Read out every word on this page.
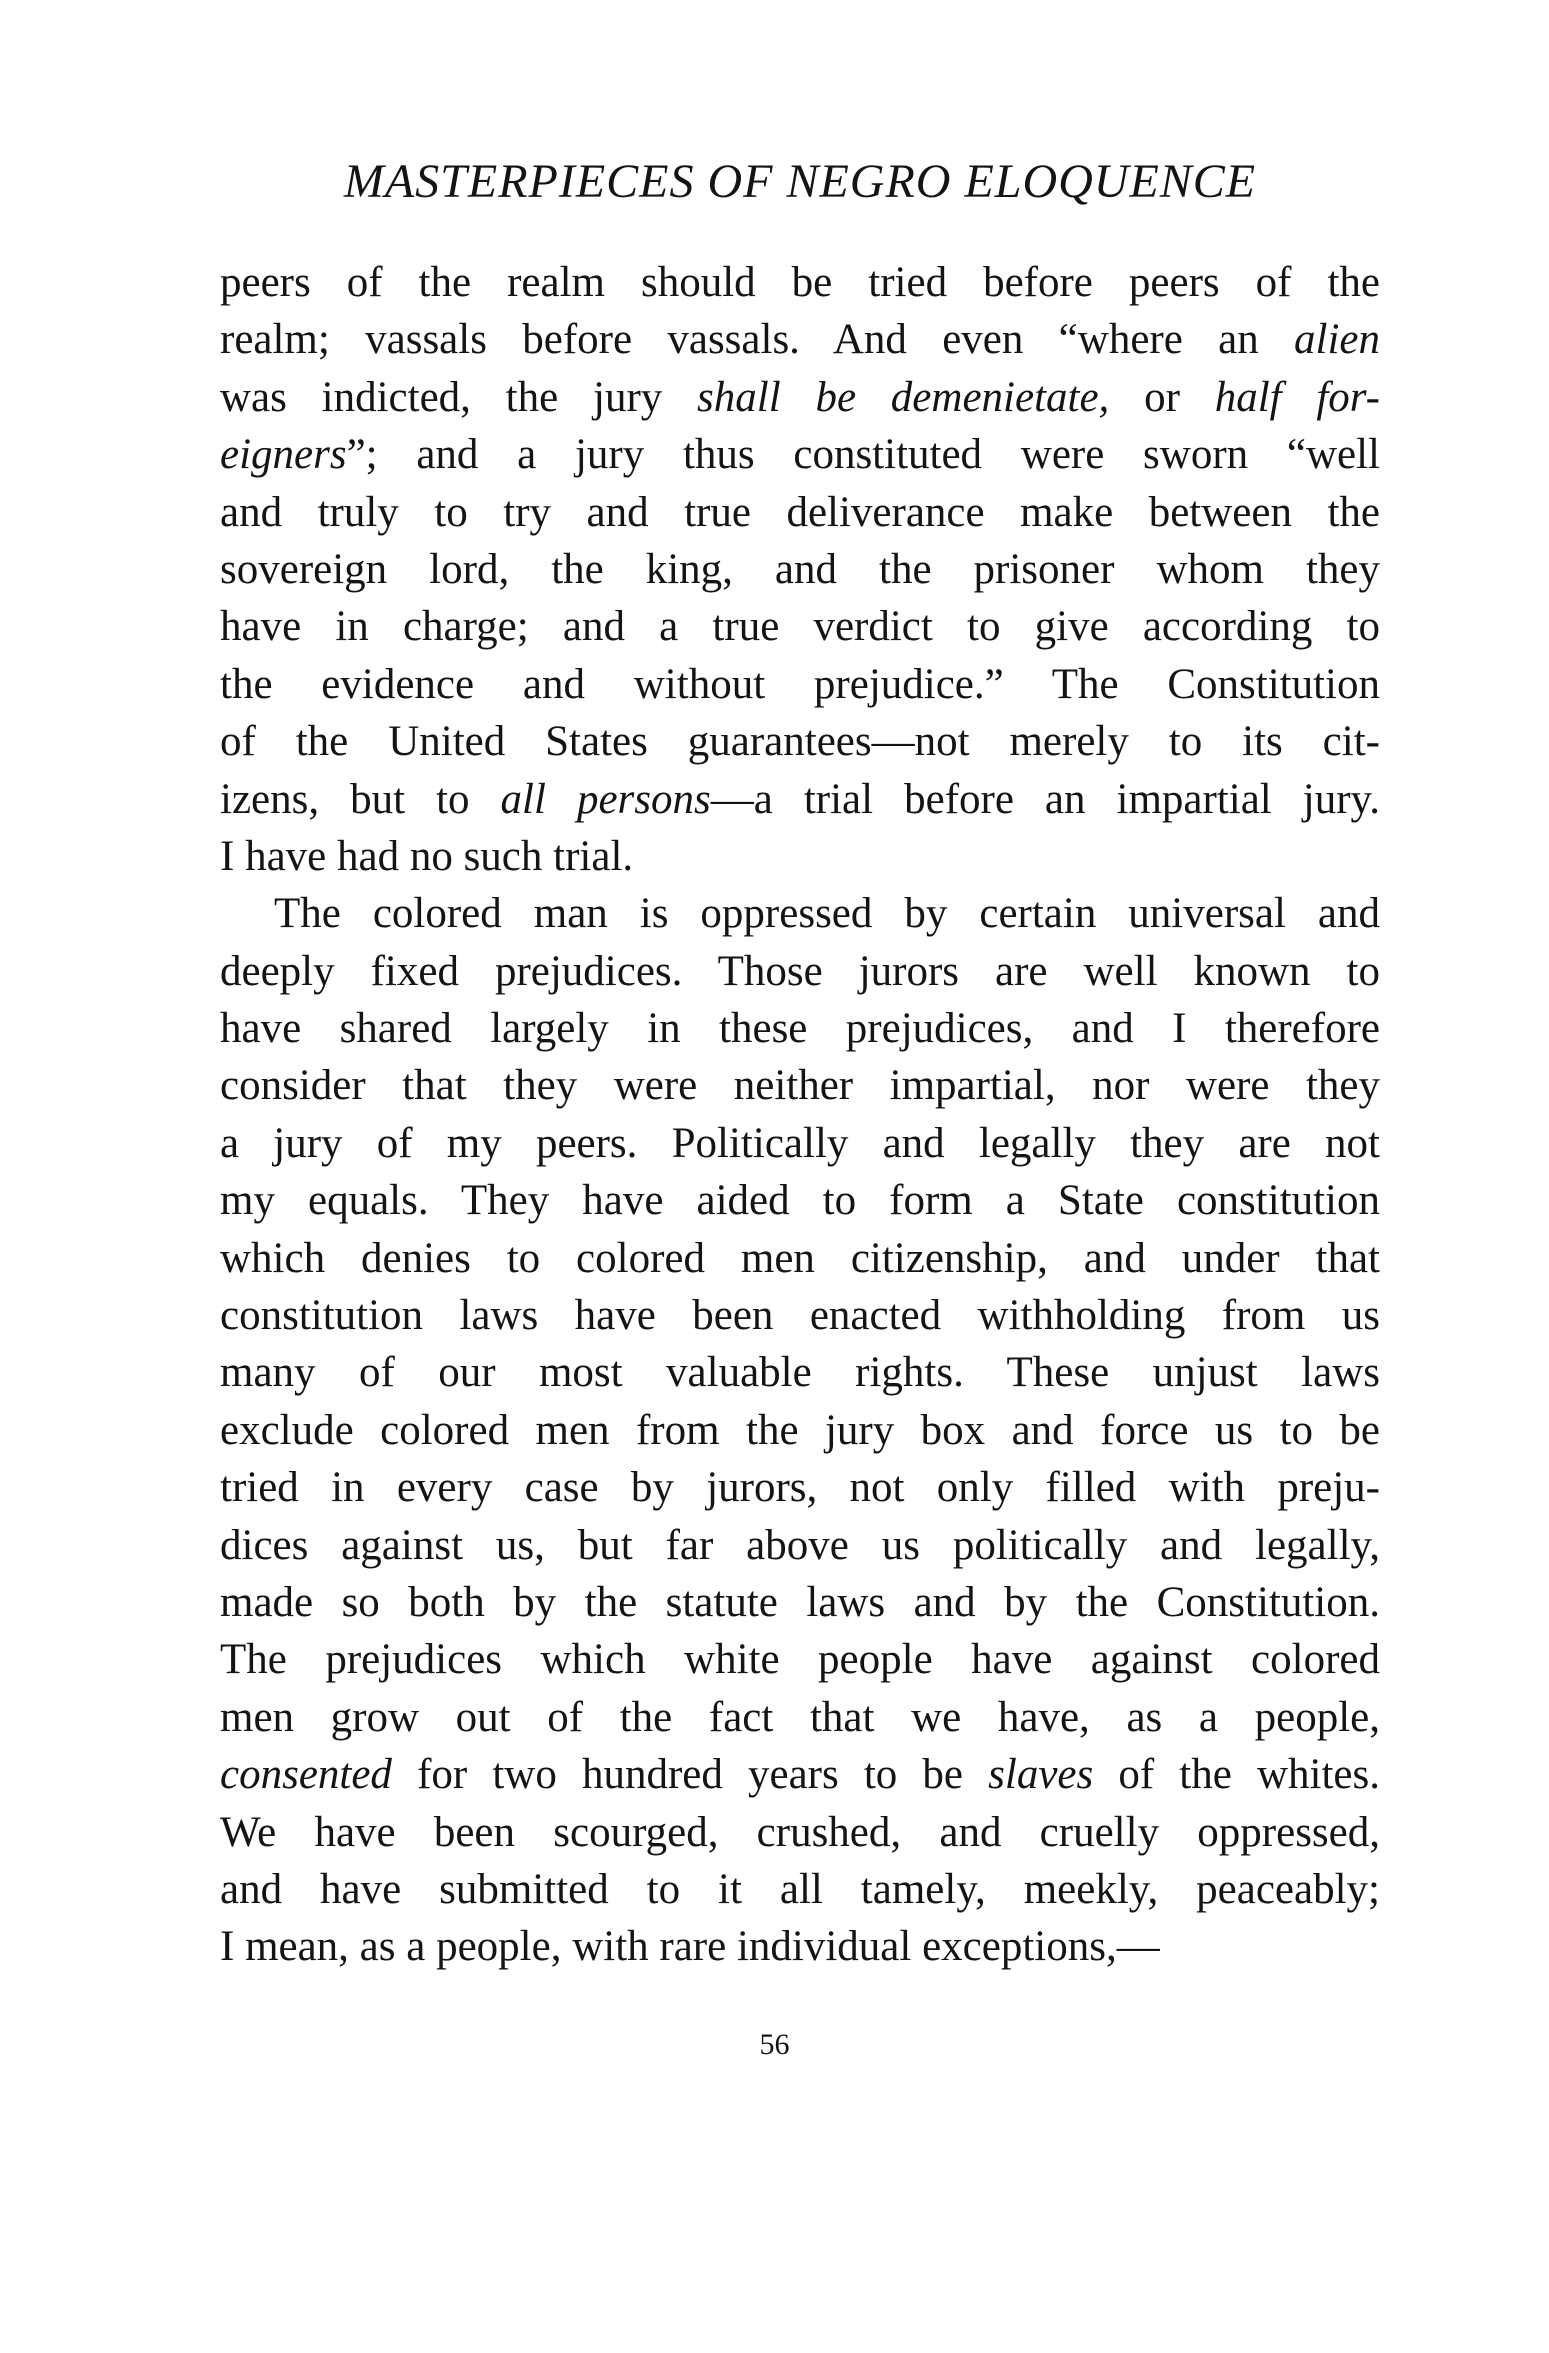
MASTERPIECES OF NEGRO ELOQUENCE
peers of the realm should be tried before peers of the
realm; vassals before vassals. And even “where an alien
was indicted, the jury shall be demenietate, or half for-
eigners”; and a jury thus constituted were sworn “well
and truly to try and true deliverance make between the
sovereign lord, the king, and the prisoner whom they
have in charge; and a true verdict to give according to
the evidence and without prejudice.” The Constitution
of the United States guarantees—not merely to its cit-
izens, but to all persons—a trial before an impartial jury.
I have had no such trial.
The colored man is oppressed by certain universal and
deeply fixed prejudices. Those jurors are well known to
have shared largely in these prejudices, and I therefore
consider that they were neither impartial, nor were they
a jury of my peers. Politically and legally they are not
my equals. They have aided to form a State constitution
which denies to colored men citizenship, and under that
constitution laws have been enacted withholding from us
many of our most valuable rights. These unjust laws
exclude colored men from the jury box and force us to be
tried in every case by jurors, not only filled with preju-
dices against us, but far above us politically and legally,
made so both by the statute laws and by the Constitution.
The prejudices which white people have against colored
men grow out of the fact that we have, as a people,
consented for two hundred years to be slaves of the whites.
We have been scourged, crushed, and cruelly oppressed,
and have submitted to it all tamely, meekly, peaceably;
I mean, as a people, with rare individual exceptions,—
56
